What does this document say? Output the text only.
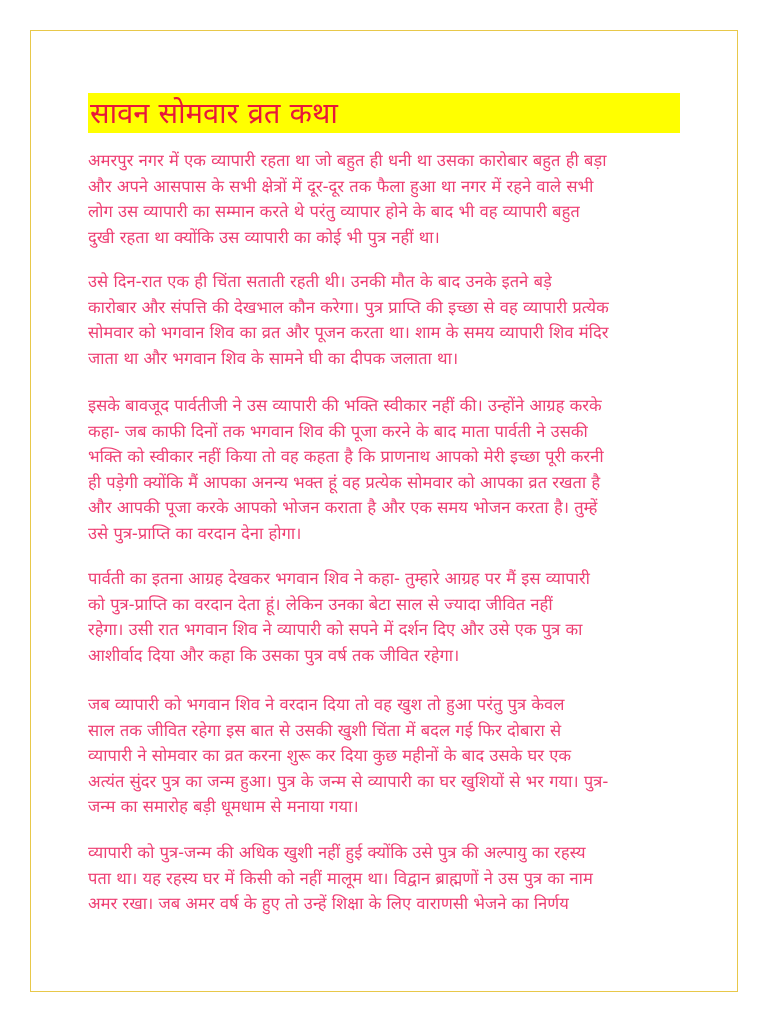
सावन सोमवार व्रत कथा
अमरपुर नगर में एक व्यापारी रहता था जो बहुत ही धनी था उसका कारोबार बहुत ही बड़ा
और अपने आसपास के सभी क्षेत्रों में दूर-दूर तक फैला हुआ था नगर में रहने वाले सभी
लोग उस व्यापारी का सम्मान करते थे परंतु व्यापार होने के बाद भी वह व्यापारी बहुत
दुखी रहता था क्योंकि उस व्यापारी का कोई भी पुत्र नहीं था।
उसे दिन-रात एक ही चिंता सताती रहती थी। उनकी मौत के बाद उनके इतने बड़े
कारोबार और संपत्ति की देखभाल कौन करेगा। पुत्र प्राप्ति की इच्छा से वह व्यापारी प्रत्येक
सोमवार को भगवान शिव का व्रत और पूजन करता था। शाम के समय व्यापारी शिव मंदिर
जाता था और भगवान शिव के सामने घी का दीपक जलाता था।
इसके बावजूद पार्वतीजी ने उस व्यापारी की भक्ति स्वीकार नहीं की। उन्होंने आग्रह करके
कहा- जब काफी दिनों तक भगवान शिव की पूजा करने के बाद माता पार्वती ने उसकी
भक्ति को स्वीकार नहीं किया तो वह कहता है कि प्राणनाथ आपको मेरी इच्छा पूरी करनी
ही पड़ेगी क्योंकि मैं आपका अनन्य भक्त हूं वह प्रत्येक सोमवार को आपका व्रत रखता है
और आपकी पूजा करके आपको भोजन कराता है और एक समय भोजन करता है। तुम्हें
उसे पुत्र-प्राप्ति का वरदान देना होगा।
पार्वती का इतना आग्रह देखकर भगवान शिव ने कहा- तुम्हारे आग्रह पर मैं इस व्यापारी
को पुत्र-प्राप्ति का वरदान देता हूं। लेकिन उनका बेटा साल से ज्यादा जीवित नहीं
रहेगा। उसी रात भगवान शिव ने व्यापारी को सपने में दर्शन दिए और उसे एक पुत्र का
आशीर्वाद दिया और कहा कि उसका पुत्र वर्ष तक जीवित रहेगा।
जब व्यापारी को भगवान शिव ने वरदान दिया तो वह खुश तो हुआ परंतु पुत्र केवल
साल तक जीवित रहेगा इस बात से उसकी खुशी चिंता में बदल गई फिर दोबारा से
व्यापारी ने सोमवार का व्रत करना शुरू कर दिया कुछ महीनों के बाद उसके घर एक
अत्यंत सुंदर पुत्र का जन्म हुआ। पुत्र के जन्म से व्यापारी का घर खुशियों से भर गया। पुत्र-
जन्म का समारोह बड़ी धूमधाम से मनाया गया।
व्यापारी को पुत्र-जन्म की अधिक खुशी नहीं हुई क्योंकि उसे पुत्र की अल्पायु का रहस्य
पता था। यह रहस्य घर में किसी को नहीं मालूम था। विद्वान ब्राह्मणों ने उस पुत्र का नाम
अमर रखा। जब अमर वर्ष के हुए तो उन्हें शिक्षा के लिए वाराणसी भेजने का निर्णय
